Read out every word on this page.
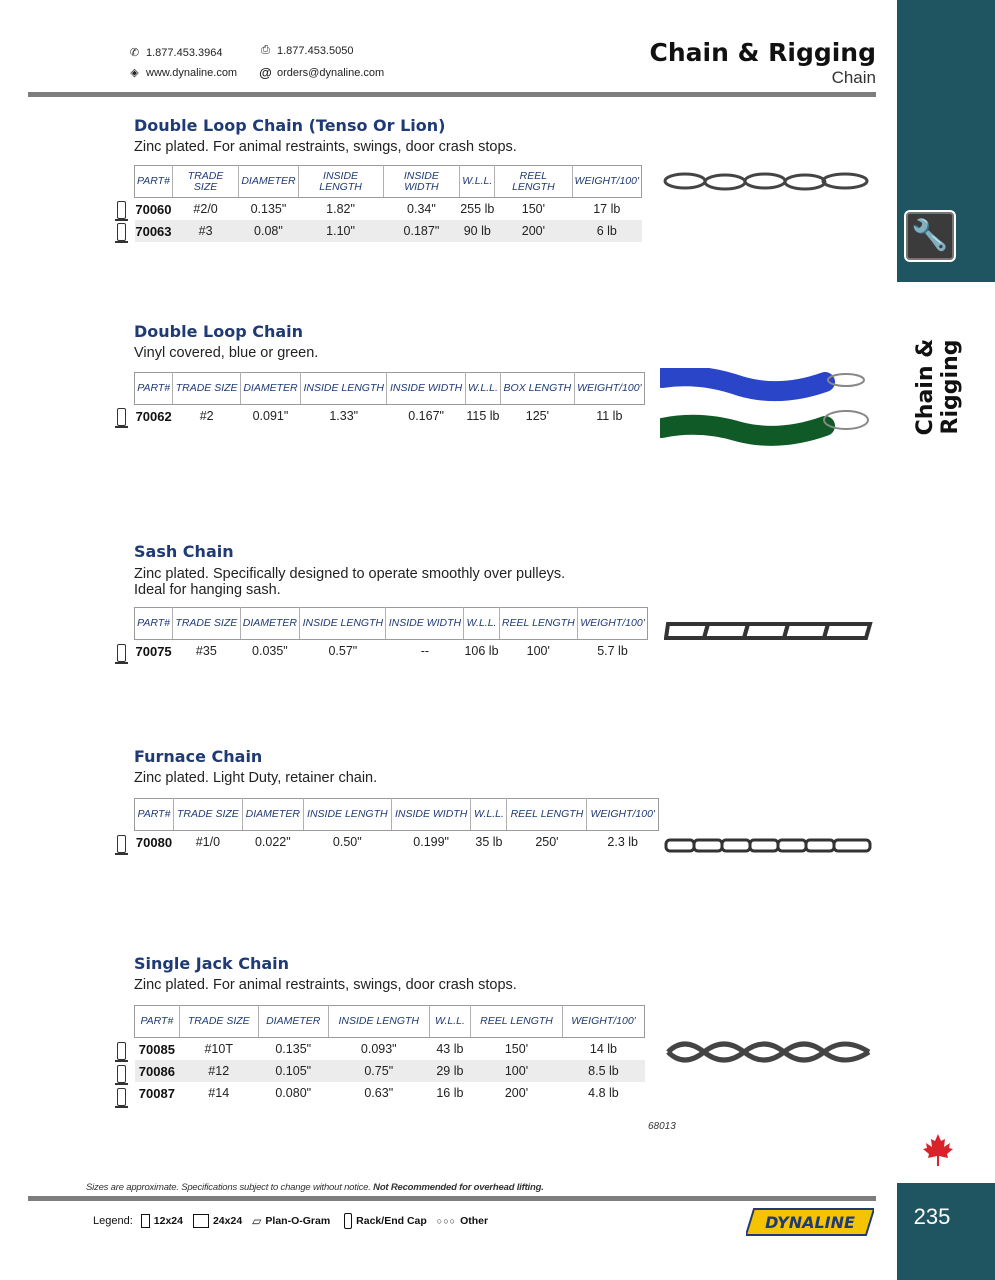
🔧
Chain & Rigging
235
✆ 1.877.453.3964	⎙ 1.877.453.5050
◈ www.dynaline.com @ orders@dynaline.com
Chain & Rigging
Chain
Double Loop Chain (Tenso Or Lion)
Zinc plated. For animal restraints, swings, door crash stops.
PART#	TRADE SIZE	DIAMETER	INSIDE LENGTH	INSIDE WIDTH	W.L.L.	REEL LENGTH	WEIGHT/100'
70060	#2/0	0.135"	1.82"	0.34"	255 lb	150'	17 lb
70063	#3	0.08"	1.10"	0.187"	90 lb	200'	6 lb
Double Loop Chain
Vinyl covered, blue or green.
PART#	TRADE SIZE	DIAMETER	INSIDE LENGTH	INSIDE WIDTH	W.L.L.	BOX LENGTH	WEIGHT/100'
70062	#2	0.091"	1.33"	0.167"	115 lb	125'	11 lb
Sash Chain
Zinc plated. Specifically designed to operate smoothly over pulleys.
Ideal for hanging sash.
PART#	TRADE SIZE	DIAMETER	INSIDE LENGTH	INSIDE WIDTH	W.L.L.	REEL LENGTH	WEIGHT/100'
70075	#35	0.035"	0.57"	--	106 lb	100'	5.7 lb
Furnace Chain
Zinc plated. Light Duty, retainer chain.
PART#	TRADE SIZE	DIAMETER	INSIDE LENGTH	INSIDE WIDTH	W.L.L.	REEL LENGTH	WEIGHT/100'
70080	#1/0	0.022"	0.50"	0.199"	35 lb	250'	2.3 lb
Single Jack Chain
Zinc plated. For animal restraints, swings, door crash stops.
PART#	TRADE SIZE	DIAMETER	INSIDE LENGTH	W.L.L.	REEL LENGTH	WEIGHT/100'
70085	#10T	0.135"	0.093"	43 lb	150'	14 lb
70086	#12	0.105"	0.75"	29 lb	100'	8.5 lb
70087	#14	0.080"	0.63"	16 lb	200'	4.8 lb
68013
Sizes are approximate. Specifications subject to change without notice. Not Recommended for overhead lifting.
Legend: 12x24	24x24 ▱ Plan-O-Gram Rack/End Cap ○○○ Other	DYNALINE
